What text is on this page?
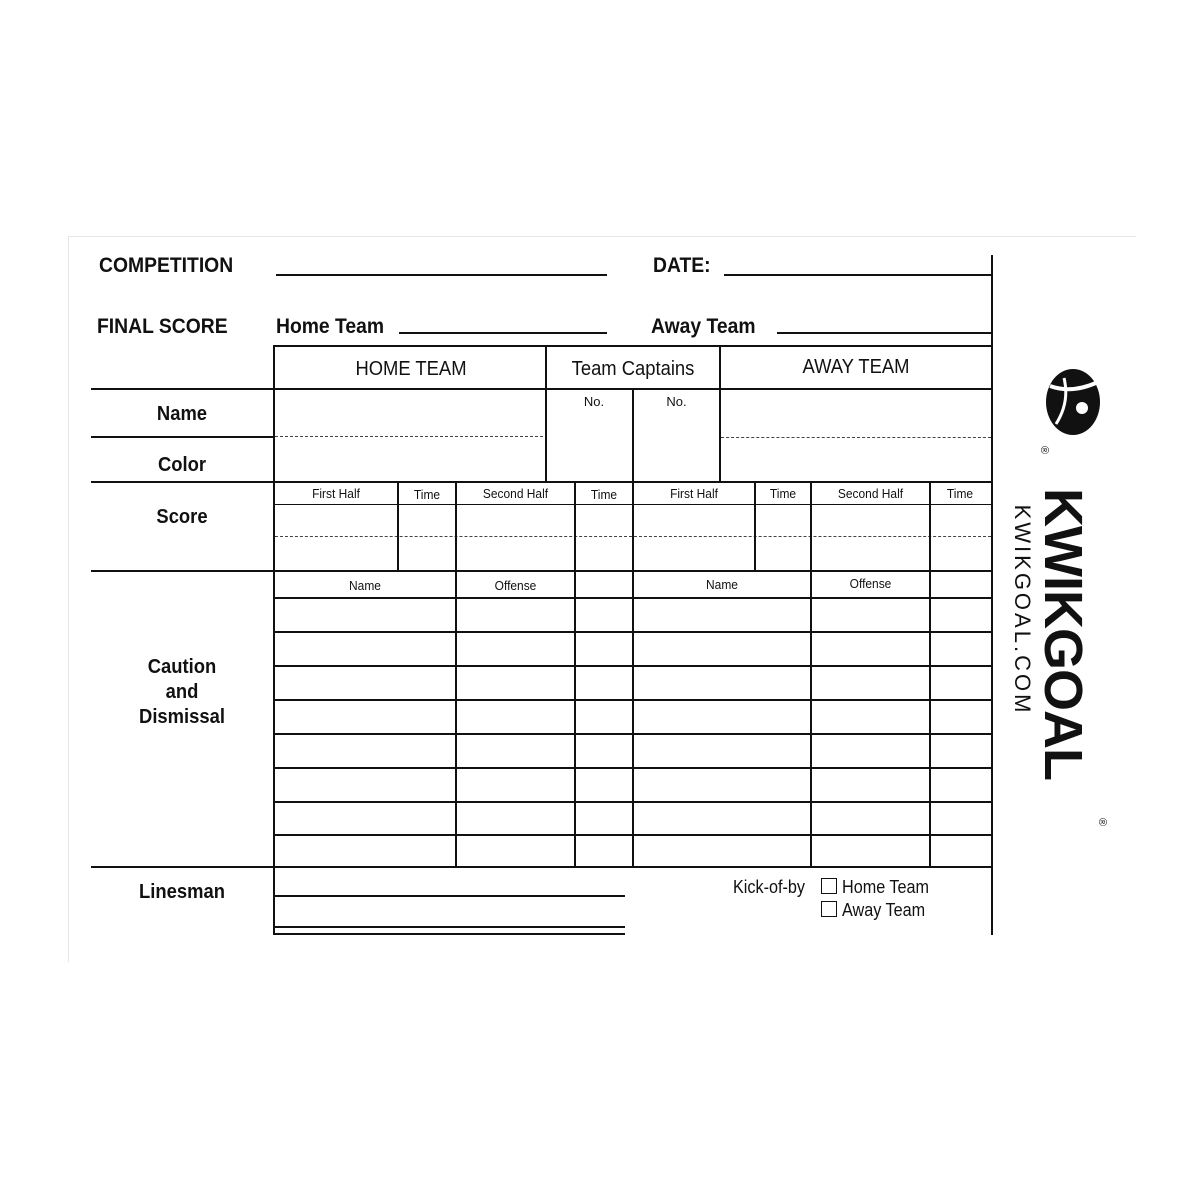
COMPETITION	DATE:
FINAL SCORE Home Team	Away Team
HOME TEAM	Team Captains	AWAY TEAM
No.	No.
Name
Color
Score
First Half	Time	Second Half	Time	First Half	Time	Second Half	Time
Caution
and
Dismissal
Name	Offense	Name	Offense
Linesman	Kick-of-by Home Team
Away Team
KWIKGOAL
®
®
KWIKGOAL.COM
